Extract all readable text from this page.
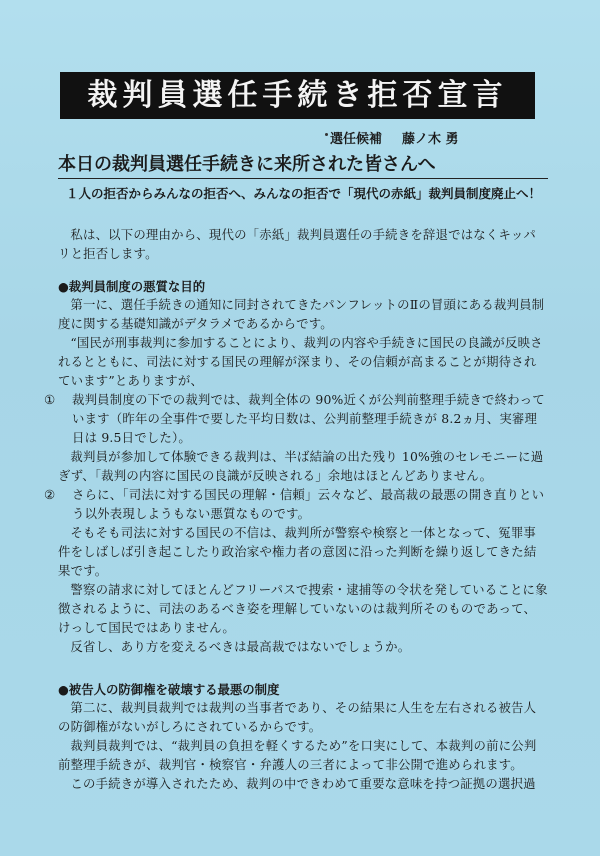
裁判員選任手続き拒否宣言
選任候補 藤ノ木 勇
本日の裁判員選任手続きに来所された皆さんへ
１人の拒否からみんなの拒否へ、みんなの拒否で「現代の赤紙」裁判員制度廃止へ！

私は、以下の理由から、現代の「赤紙」裁判員選任の手続きを辞退ではなくキッパリと拒否します。

●裁判員制度の悪質な目的

第一に、選任手続きの通知に同封されてきたパンフレットのⅡの冒頭にある裁判員制度に関する基礎知識がデタラメであるからです。

“国民が刑事裁判に参加することにより、裁判の内容や手続きに国民の良識が反映されるとともに、司法に対する国民の理解が深まり、その信頼が高まることが期待されています”とありますが、

①	裁判員制度の下での裁判では、裁判全体の 90%近くが公判前整理手続きで終わっています（昨年の全事件で要した平均日数は、公判前整理手続きが 8.2ヵ月、実審理日は 9.5日でした）。

裁判員が参加して体験できる裁判は、半ば結論の出た残り 10%強のセレモニーに過ぎず、「裁判の内容に国民の良識が反映される」余地はほとんどありません。

②	さらに、「司法に対する国民の理解・信頼」云々など、最高裁の最悪の開き直りという以外表現しようもない悪質なものです。

そもそも司法に対する国民の不信は、裁判所が警察や検察と一体となって、冤罪事件をしばしば引き起こしたり政治家や権力者の意図に沿った判断を繰り返してきた結果です。

警察の請求に対してほとんどフリーパスで捜索・逮捕等の令状を発していることに象徴されるように、司法のあるべき姿を理解していないのは裁判所そのものであって、けっして国民ではありません。

反省し、あり方を変えるべきは最高裁ではないでしょうか。

●被告人の防御権を破壊する最悪の制度

第二に、裁判員裁判では裁判の当事者であり、その結果に人生を左右される被告人の防御権がないがしろにされているからです。

裁判員裁判では、“裁判員の負担を軽くするため”を口実にして、本裁判の前に公判前整理手続きが、裁判官・検察官・弁護人の三者によって非公開で進められます。

この手続きが導入されたため、裁判の中できわめて重要な意味を持つ証拠の選択過
